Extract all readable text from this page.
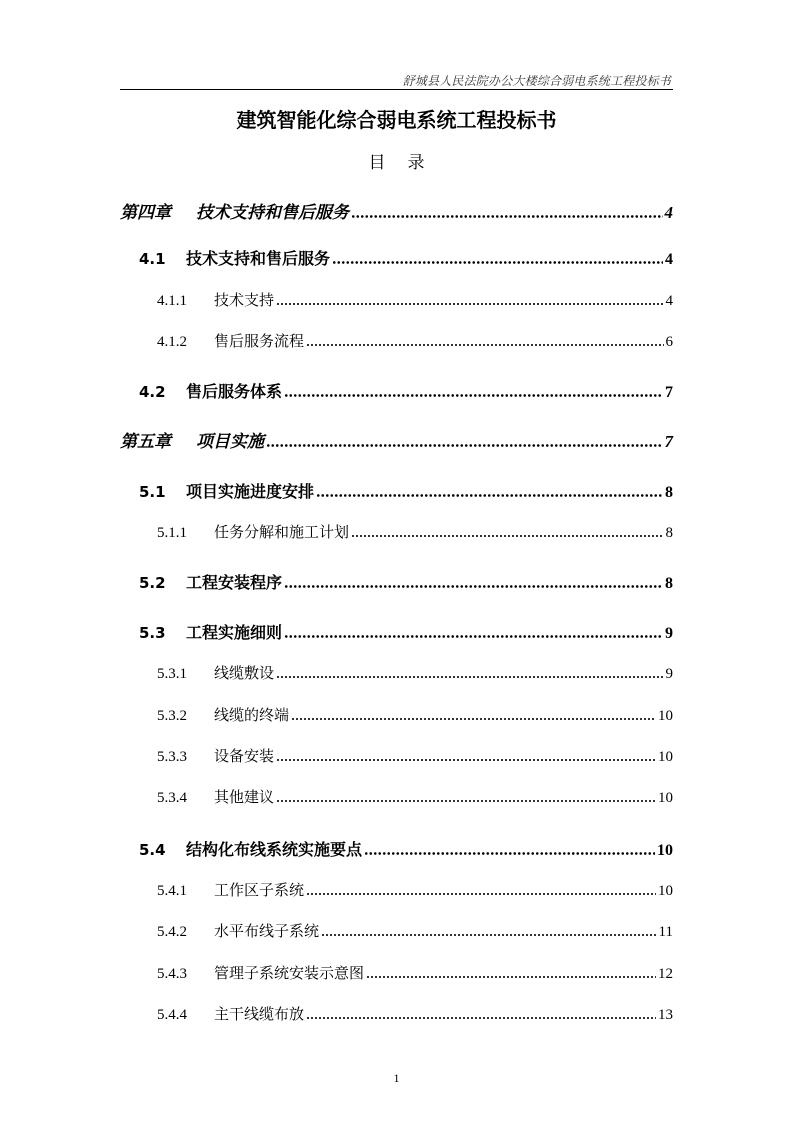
舒城县人民法院办公大楼综合弱电系统工程投标书
建筑智能化综合弱电系统工程投标书
目录
第四章	技术支持和售后服务	4
4.1	技术支持和售后服务	4
4.1.1	技术支持	4
4.1.2	售后服务流程	6
4.2	售后服务体系	7
第五章	项目实施	7
5.1	项目实施进度安排	8
5.1.1	任务分解和施工计划	8
5.2	工程安装程序	8
5.3	工程实施细则	9
5.3.1	线缆敷设	9
5.3.2	线缆的终端	10
5.3.3	设备安装	10
5.3.4	其他建议	10
5.4	结构化布线系统实施要点	10
5.4.1	工作区子系统	10
5.4.2	水平布线子系统	11
5.4.3	管理子系统安装示意图	12
5.4.4	主干线缆布放	13
1
